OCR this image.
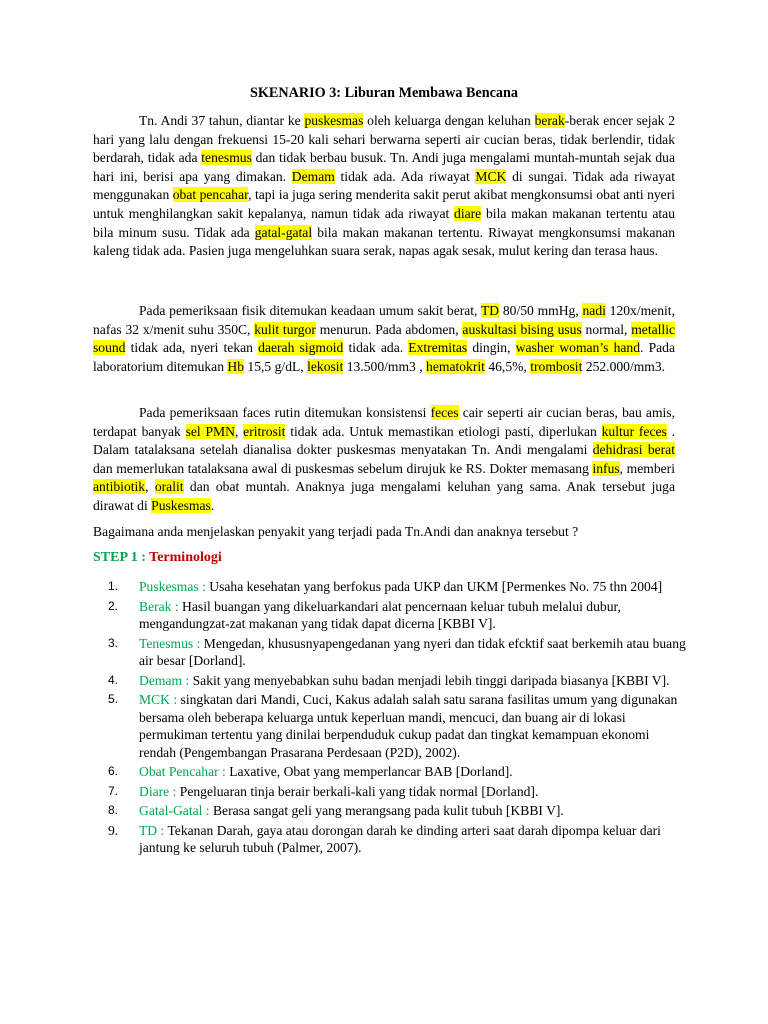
SKENARIO 3: Liburan Membawa Bencana

Tn. Andi 37 tahun, diantar ke puskesmas oleh keluarga dengan keluhan berak-berak encer sejak 2 hari yang lalu dengan frekuensi 15-20 kali sehari berwarna seperti air cucian beras, tidak berlendir, tidak berdarah, tidak ada tenesmus dan tidak berbau busuk. Tn. Andi juga mengalami muntah-muntah sejak dua hari ini, berisi apa yang dimakan. Demam tidak ada. Ada riwayat MCK di sungai. Tidak ada riwayat menggunakan obat pencahar, tapi ia juga sering menderita sakit perut akibat mengkonsumsi obat anti nyeri untuk menghilangkan sakit kepalanya, namun tidak ada riwayat diare bila makan makanan tertentu atau bila minum susu. Tidak ada gatal-gatal bila makan makanan tertentu. Riwayat mengkonsumsi makanan kaleng tidak ada. Pasien juga mengeluhkan suara serak, napas agak sesak, mulut kering dan terasa haus.

Pada pemeriksaan fisik ditemukan keadaan umum sakit berat, TD 80/50 mmHg, nadi 120x/menit, nafas 32 x/menit suhu 350C, kulit turgor menurun. Pada abdomen, auskultasi bising usus normal, metallic sound tidak ada, nyeri tekan daerah sigmoid tidak ada. Extremitas dingin, washer woman’s hand. Pada laboratorium ditemukan Hb 15,5 g/dL, lekosit 13.500/mm3 , hematokrit 46,5%, trombosit 252.000/mm3.

Pada pemeriksaan faces rutin ditemukan konsistensi feces cair seperti air cucian beras, bau amis, terdapat banyak sel PMN, eritrosit tidak ada. Untuk memastikan etiologi pasti, diperlukan kultur feces . Dalam tatalaksana setelah dianalisa dokter puskesmas menyatakan Tn. Andi mengalami dehidrasi berat dan memerlukan tatalaksana awal di puskesmas sebelum dirujuk ke RS. Dokter memasang infus, memberi antibiotik, oralit dan obat muntah. Anaknya juga mengalami keluhan yang sama. Anak tersebut juga dirawat di Puskesmas.

Bagaimana anda menjelaskan penyakit yang terjadi pada Tn.Andi dan anaknya tersebut ?
STEP 1 : Terminologi
1.	Puskesmas : Usaha kesehatan yang berfokus pada UKP dan UKM [Permenkes No. 75 thn 2004]
2.	Berak : Hasil buangan yang dikeluarkandari alat pencernaan keluar tubuh melalui dubur, mengandungzat-zat makanan yang tidak dapat dicerna [KBBI V].
3.	Tenesmus : Mengedan, khususnyapengedanan yang nyeri dan tidak efcktif saat berkemih atau buang air besar [Dorland].
4.	Demam : Sakit yang menyebabkan suhu badan menjadi lebih tinggi daripada biasanya [KBBI V].
5.	MCK : singkatan dari Mandi, Cuci, Kakus adalah salah satu sarana fasilitas umum yang digunakan bersama oleh beberapa keluarga untuk keperluan mandi, mencuci, dan buang air di lokasi permukiman tertentu yang dinilai berpenduduk cukup padat dan tingkat kemampuan ekonomi rendah (Pengembangan Prasarana Perdesaan (P2D), 2002).
6.	Obat Pencahar : Laxative, Obat yang memperlancar BAB [Dorland].
7.	Diare : Pengeluaran tinja berair berkali-kali yang tidak normal [Dorland].
8.	Gatal-Gatal : Berasa sangat geli yang merangsang pada kulit tubuh [KBBI V].
9.	TD : Tekanan Darah, gaya atau dorongan darah ke dinding arteri saat darah dipompa keluar dari jantung ke seluruh tubuh (Palmer, 2007).
